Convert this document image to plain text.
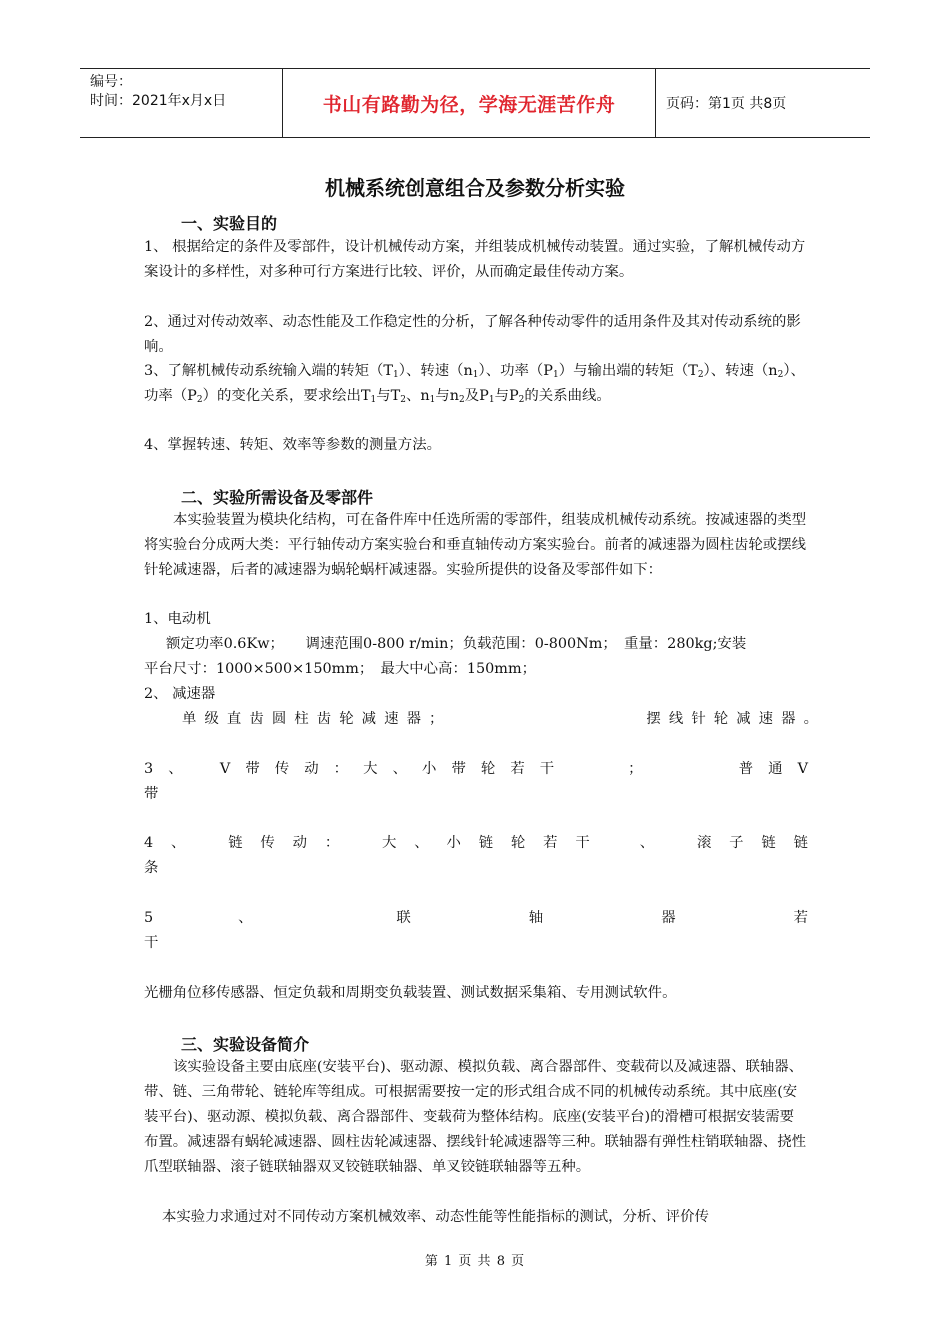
编号：
时间：2021年x月x日	书山有路勤为径，学海无涯苦作舟	页码：第1页 共8页
机械系统创意组合及参数分析实验
一、实验目的

1、 根据给定的条件及零部件，设计机械传动方案，并组装成机械传动装置。通过实验，了解机械传动方案设计的多样性，对多种可行方案进行比较、评价，从而确定最佳传动方案。

2、通过对传动效率、动态性能及工作稳定性的分析，了解各种传动零件的适用条件及其对传动系统的影响。

3、了解机械传动系统输入端的转矩$(T_1)$、转速$(n_1)$、功率$(P_1)$与输出端的转矩$(T_2)$、转速$(n_2)$、功率$(P_2)$的变化关系，要求绘出$T_1$与$T_2$、$n_1$与$n_2$及$P_1$与$P_2$的关系曲线。

4、掌握转速、转矩、效率等参数的测量方法。

二、实验所需设备及零部件

本实验装置为模块化结构，可在备件库中任选所需的零部件，组装成机械传动系统。按减速器的类型将实验台分成两大类：平行轴传动方案实验台和垂直轴传动方案实验台。前者的减速器为圆柱齿轮或摆线针轮减速器，后者的减速器为蜗轮蜗杆减速器。实验所提供的设备及零部件如下：

1、电动机

额定功率0.6Kw；　　调速范围0-800 r/min；负载范围：0-800Nm；　重量：280kg;安装

平台尺寸：1000×500×150mm；　最大中心高：150mm；

2、 减速器

单级直齿圆柱齿轮减速器；　　　　　　　　　摆线针轮减速器。

3、　V带传动：大、小带轮若干　　；　　　普通V

带

4、　链传动：　大、小链轮若干　、　滚子链链

条

5　　、　　　　联　　　轴　　　器　　　若

干

光栅角位移传感器、恒定负载和周期变负载装置、测试数据采集箱、专用测试软件。

三、实验设备简介

该实验设备主要由底座(安装平台)、驱动源、模拟负载、离合器部件、变载荷以及减速器、联轴器、带、链、三角带轮、链轮库等组成。可根据需要按一定的形式组合成不同的机械传动系统。其中底座(安装平台)、驱动源、模拟负载、离合器部件、变载荷为整体结构。底座(安装平台)的滑槽可根据安装需要布置。减速器有蜗轮减速器、圆柱齿轮减速器、摆线针轮减速器等三种。联轴器有弹性柱销联轴器、挠性爪型联轴器、滚子链联轴器双叉铰链联轴器、单叉铰链联轴器等五种。

本实验力求通过对不同传动方案机械效率、动态性能等性能指标的测试，分析、评价传

第 1 页 共 8 页
